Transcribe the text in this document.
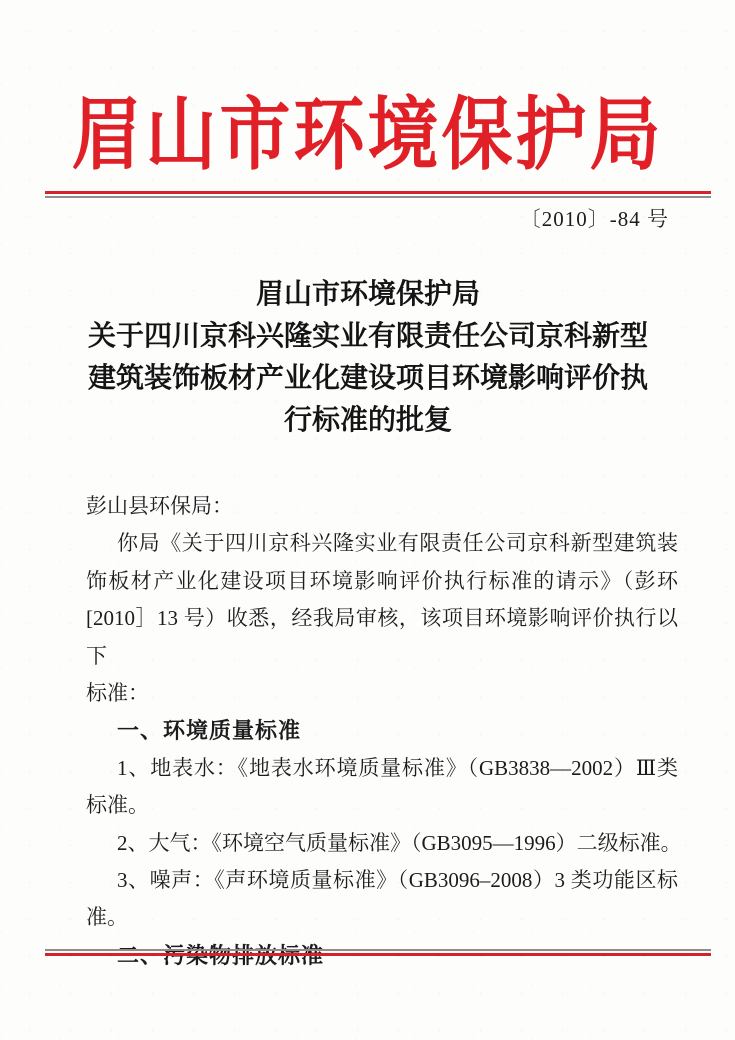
眉山市环境保护局
〔2010〕-84 号
眉山市环境保护局
关于四川京科兴隆实业有限责任公司京科新型
建筑装饰板材产业化建设项目环境影响评价执
行标准的批复
彭山县环保局：
你局《关于四川京科兴隆实业有限责任公司京科新型建筑装
饰板材产业化建设项目环境影响评价执行标准的请示》（彭环
[2010］13 号）收悉，经我局审核，该项目环境影响评价执行以下
标准：
一、环境质量标准
1、地表水：《地表水环境质量标准》（GB3838—2002）Ⅲ类
标准。
2、大气：《环境空气质量标准》（GB3095—1996）二级标准。
3、噪声：《声环境质量标准》（GB3096–2008）3 类功能区标
准。
